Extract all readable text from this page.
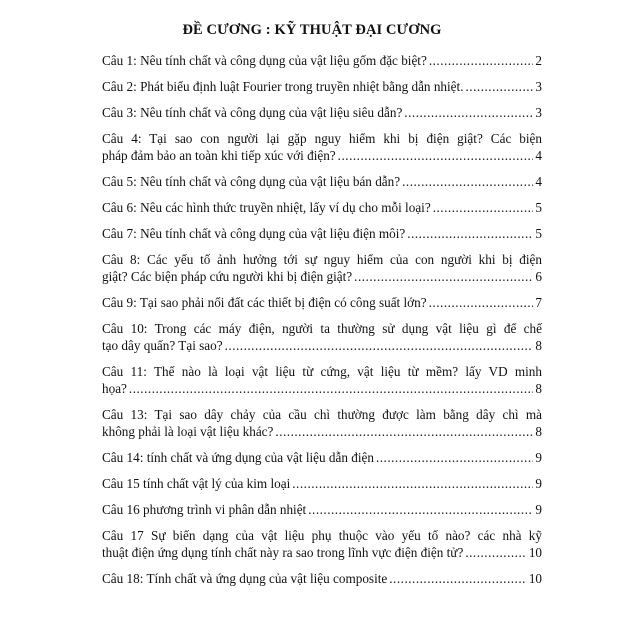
ĐỀ CƯƠNG : KỸ THUẬT ĐẠI CƯƠNG
Câu 1: Nêu tính chất và công dụng của vật liệu gốm đặc biệt? .....	2
Câu 2: Phát biểu định luật Fourier trong truyền nhiệt bằng dẫn nhiệt. .....	3
Câu 3: Nêu tính chất và công dụng của vật liệu siêu dẫn? .....	3
Câu 4: Tại sao con người lại gặp nguy hiểm khi bị điện giật? Các biện
pháp đảm bảo an toàn khi tiếp xúc với điện? .....	4
Câu 5: Nêu tính chất và công dụng của vật liệu bán dẫn? .....	4
Câu 6: Nêu các hình thức truyền nhiệt, lấy ví dụ cho mỗi loại? .....	5
Câu 7: Nêu tính chất và công dụng của vật liệu điện môi? .....	5
Câu 8: Các yếu tố ảnh hưởng tới sự nguy hiểm của con người khi bị điện
giật? Các biện pháp cứu người khi bị điện giật? .....	6
Câu 9: Tại sao phải nối đất các thiết bị điện có công suất lớn? .....	7
Câu 10: Trong các máy điện, người ta thường sử dụng vật liệu gì để chế
tạo dây quấn? Tại sao? .....	8
Câu 11: Thế nào là loại vật liệu từ cứng, vật liệu từ mềm? lấy VD minh
họa? .....	8
Câu 13: Tại sao dây chảy của cầu chì thường được làm bằng dây chì mà
không phải là loại vật liệu khác? .....	8
Câu 14: tính chất và ứng dụng của vật liệu dẫn điện .....	9
Câu 15 tính chất vật lý của kim loại .....	9
Câu 16 phương trình vi phân dẫn nhiệt .....	9
Câu 17 Sự biến dạng của vật liệu phụ thuộc vào yếu tố nào? các nhà kỹ
thuật điện ứng dụng tính chất này ra sao trong lĩnh vực điện điện tử? .....	10
Câu 18: Tính chất và ứng dụng của vật liệu composite .....	10
